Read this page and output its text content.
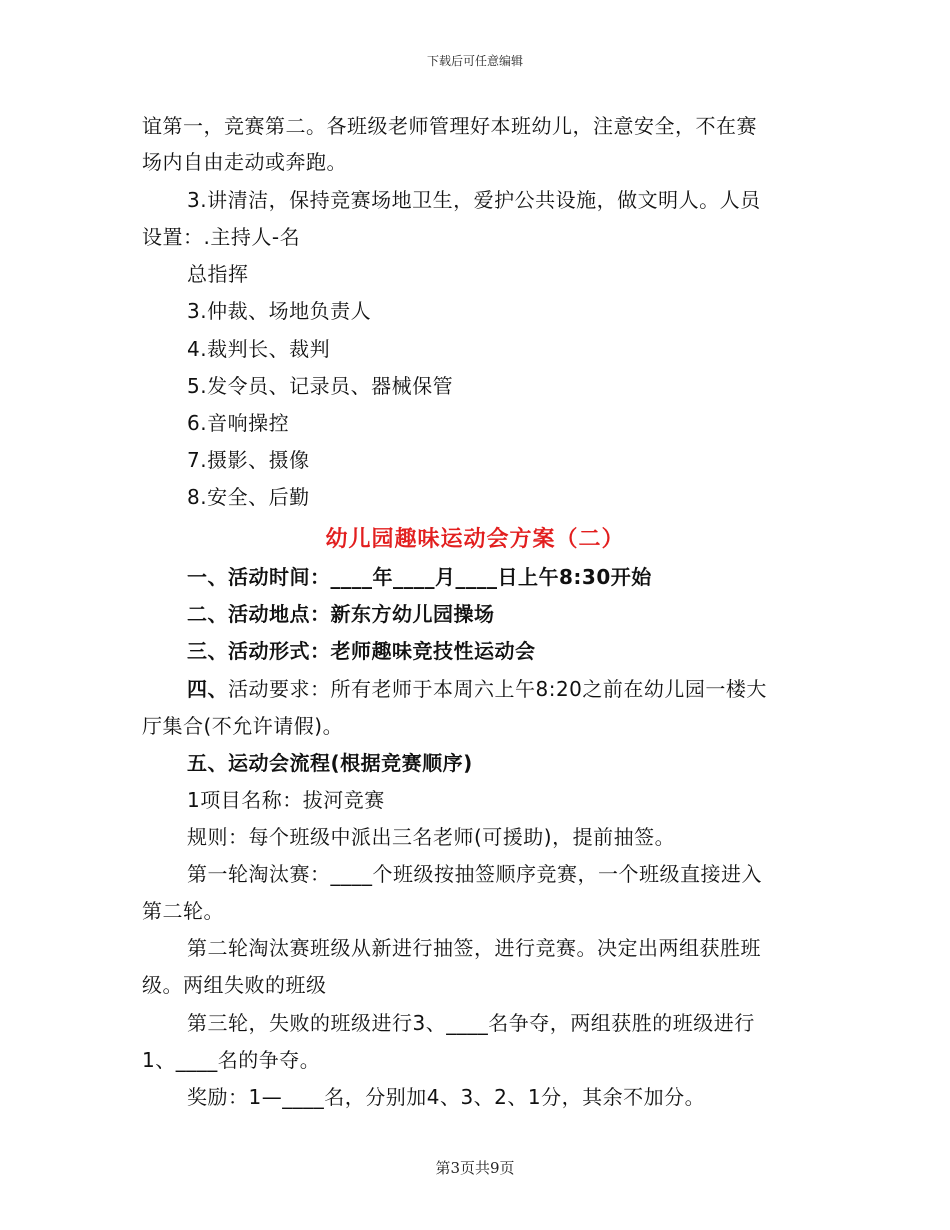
下载后可任意编辑
谊第一，竞赛第二。各班级老师管理好本班幼儿，注意安全，不在赛
场内自由走动或奔跑。
3.讲清洁，保持竞赛场地卫生，爱护公共设施，做文明人。人员
设置：.主持人-名
总指挥
3.仲裁、场地负责人
4.裁判长、裁判
5.发令员、记录员、器械保管
6.音响操控
7.摄影、摄像
8.安全、后勤
幼儿园趣味运动会方案（二）
一、活动时间：____年____月____日上午8:30开始
二、活动地点：新东方幼儿园操场
三、活动形式：老师趣味竞技性运动会
四、活动要求：所有老师于本周六上午8:20之前在幼儿园一楼大
厅集合(不允许请假)。
五、运动会流程(根据竞赛顺序)
1项目名称：拔河竞赛
规则：每个班级中派出三名老师(可援助)，提前抽签。
第一轮淘汰赛：____个班级按抽签顺序竞赛，一个班级直接进入
第二轮。
第二轮淘汰赛班级从新进行抽签，进行竞赛。决定出两组获胜班
级。两组失败的班级
第三轮，失败的班级进行3、____名争夺，两组获胜的班级进行
1、____名的争夺。
奖励：1—____名，分别加4、3、2、1分，其余不加分。
第3页共9页
